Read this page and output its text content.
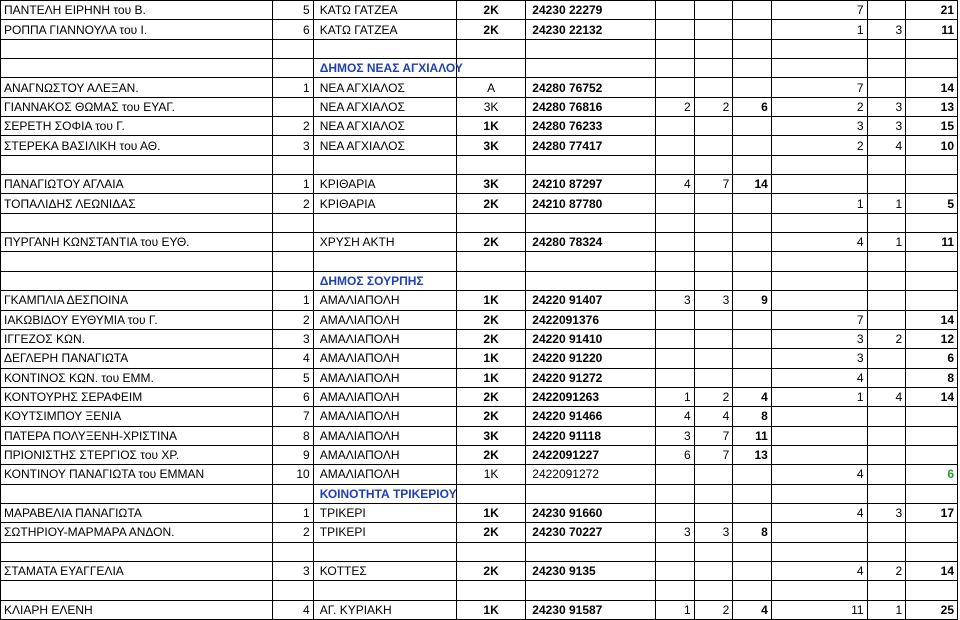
ΠΑΝΤΕΛΗ ΕΙΡΗΝΗ του Β.	5	ΚΑΤΩ ΓΑΤΖΕΑ	2Κ	24230 22279				7		21
ΡΟΠΠΑ ΓΙΑΝΝΟΥΛΑ του Ι.	6	ΚΑΤΩ ΓΑΤΖΕΑ	2Κ	24230 22132				1	3	11

		ΔΗΜΟΣ ΝΕΑΣ ΑΓΧΙΑΛΟΥ								
ΑΝΑΓΝΩΣΤΟΥ ΑΛΕΞΑΝ.	1	ΝΕΑ ΑΓΧΙΑΛΟΣ	Α	24280 76752				7		14
ΓΙΑΝΝΑΚΟΣ ΘΩΜΑΣ του ΕΥΑΓ.		ΝΕΑ ΑΓΧΙΑΛΟΣ	3Κ	24280 76816	2	2	6	2	3	13
ΣΕΡΕΤΗ ΣΟΦΙΑ του Γ.	2	ΝΕΑ ΑΓΧΙΑΛΟΣ	1Κ	24280 76233				3	3	15
ΣΤΕΡΕΚΑ ΒΑΣΙΛΙΚΗ του ΑΘ.	3	ΝΕΑ ΑΓΧΙΑΛΟΣ	3Κ	24280 77417				2	4	10

ΠΑΝΑΓΙΩΤΟΥ ΑΓΛΑΙΑ	1	ΚΡΙΘΑΡΙΑ	3Κ	24210 87297	4	7	14			
ΤΟΠΑΛΙΔΗΣ ΛΕΩΝΙΔΑΣ	2	ΚΡΙΘΑΡΙΑ	2Κ	24210 87780				1	1	5

ΠΥΡΓΑΝΗ ΚΩΝΣΤΑΝΤΙΑ του ΕΥΘ.		ΧΡΥΣΗ ΑΚΤΗ	2Κ	24280 78324				4	1	11

		ΔΗΜΟΣ ΣΟΥΡΠΗΣ								
ΓΚΑΜΠΛΙΑ ΔΕΣΠΟΙΝΑ	1	ΑΜΑΛΙΑΠΟΛΗ	1Κ	24220 91407	3	3	9			
ΙΑΚΩΒΙΔΟΥ ΕΥΘΥΜΙΑ του Γ.	2	ΑΜΑΛΙΑΠΟΛΗ	2Κ	2422091376				7		14
ΙΓΓΕΖΟΣ ΚΩΝ.	3	ΑΜΑΛΙΑΠΟΛΗ	2Κ	24220 91410				3	2	12
ΔΕΓΛΕΡΗ ΠΑΝΑΓΙΩΤΑ	4	ΑΜΑΛΙΑΠΟΛΗ	1Κ	24220 91220				3		6
ΚΟΝΤΙΝΟΣ ΚΩΝ. του ΕΜΜ.	5	ΑΜΑΛΙΑΠΟΛΗ	1Κ	24220 91272				4		8
ΚΟΝΤΟΥΡΗΣ ΣΕΡΑΦΕΙΜ	6	ΑΜΑΛΙΑΠΟΛΗ	2Κ	2422091263	1	2	4	1	4	14
ΚΟΥΤΣΙΜΠΟΥ ΞΕΝΙΑ	7	ΑΜΑΛΙΑΠΟΛΗ	2Κ	24220 91466	4	4	8			
ΠΑΤΕΡΑ ΠΟΛΥΞΕΝΗ-ΧΡΙΣΤΙΝΑ	8	ΑΜΑΛΙΑΠΟΛΗ	3Κ	24220 91118	3	7	11			
ΠΡΙΟΝΙΣΤΗΣ ΣΤΕΡΓΙΟΣ του ΧΡ.	9	ΑΜΑΛΙΑΠΟΛΗ	2Κ	2422091227	6	7	13			
ΚΟΝΤΙΝΟΥ ΠΑΝΑΓΙΩΤΑ του ΕΜΜΑΝ	10	ΑΜΑΛΙΑΠΟΛΗ	1Κ	2422091272				4		6
		ΚΟΙΝΟΤΗΤΑ ΤΡΙΚΕΡΙΟΥ								
ΜΑΡΑΒΕΛΙΑ ΠΑΝΑΓΙΩΤΑ	1	ΤΡΙΚΕΡΙ	1Κ	24230 91660				4	3	17
ΣΩΤΗΡΙΟΥ-ΜΑΡΜΑΡΑ ΑΝΔΟΝ.	2	ΤΡΙΚΕΡΙ	2Κ	24230 70227	3	3	8			

ΣΤΑΜΑΤΑ ΕΥΑΓΓΕΛΙΑ	3	ΚΟΤΤΕΣ	2Κ	24230 9135				4	2	14

ΚΛΙΑΡΗ ΕΛΕΝΗ	4	ΑΓ. ΚΥΡΙΑΚΗ	1Κ	24230 91587	1	2	4	11	1	25
